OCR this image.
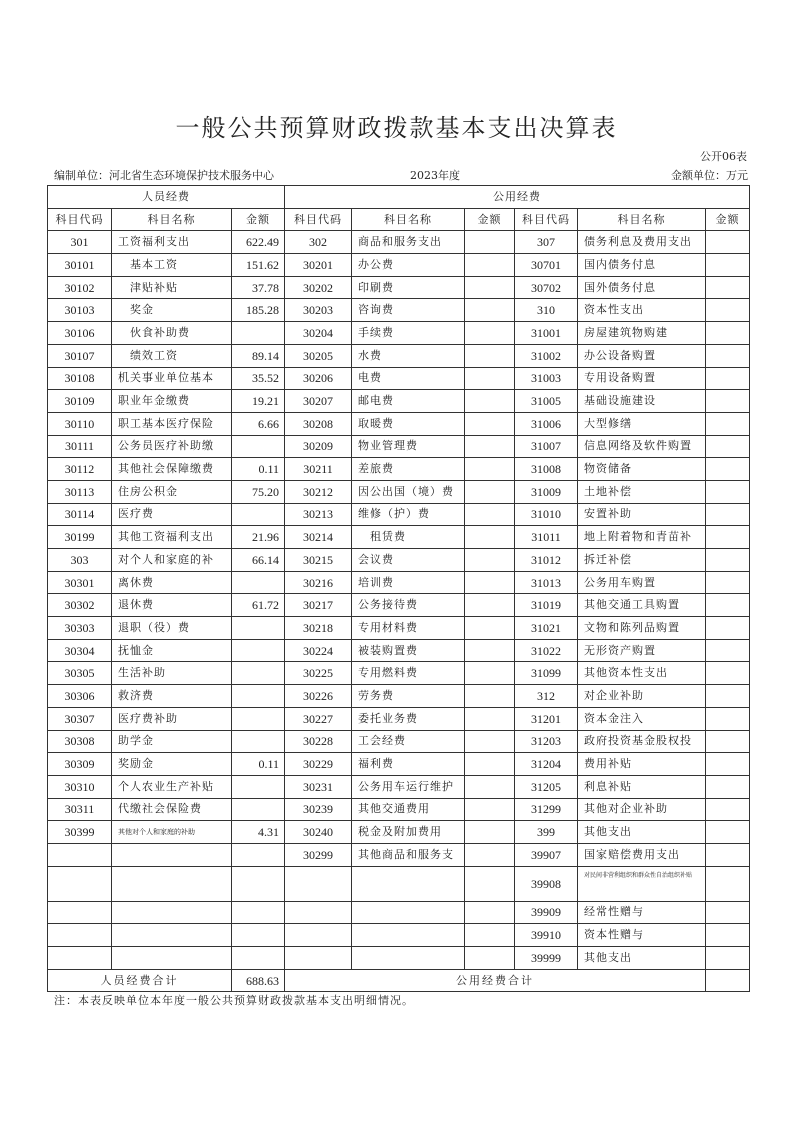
一般公共预算财政拨款基本支出决算表
公开06表
编制单位：河北省生态环境保护技术服务中心	2023年度	金额单位：万元
人员经费			公用经费					
科目代码	科目名称	金额	科目代码	科目名称	金额	科目代码	科目名称	金额
301	工资福利支出	622.49	302	商品和服务支出		307	债务利息及费用支出	
30101	基本工资	151.62	30201	办公费		30701	国内债务付息	
30102	津贴补贴	37.78	30202	印刷费		30702	国外债务付息	
30103	奖金	185.28	30203	咨询费		310	资本性支出	
30106	伙食补助费		30204	手续费		31001	房屋建筑物购建	
30107	绩效工资	89.14	30205	水费		31002	办公设备购置	
30108	机关事业单位基本	35.52	30206	电费		31003	专用设备购置	
30109	职业年金缴费	19.21	30207	邮电费		31005	基础设施建设	
30110	职工基本医疗保险	6.66	30208	取暖费		31006	大型修缮	
30111	公务员医疗补助缴		30209	物业管理费		31007	信息网络及软件购置	
30112	其他社会保障缴费	0.11	30211	差旅费		31008	物资储备	
30113	住房公积金	75.20	30212	因公出国（境）费		31009	土地补偿	
30114	医疗费		30213	维修（护）费		31010	安置补助	
30199	其他工资福利支出	21.96	30214	租赁费		31011	地上附着物和青苗补	
303	对个人和家庭的补	66.14	30215	会议费		31012	拆迁补偿	
30301	离休费		30216	培训费		31013	公务用车购置	
30302	退休费	61.72	30217	公务接待费		31019	其他交通工具购置	
30303	退职（役）费		30218	专用材料费		31021	文物和陈列品购置	
30304	抚恤金		30224	被装购置费		31022	无形资产购置	
30305	生活补助		30225	专用燃料费		31099	其他资本性支出	
30306	救济费		30226	劳务费		312	对企业补助	
30307	医疗费补助		30227	委托业务费		31201	资本金注入	
30308	助学金		30228	工会经费		31203	政府投资基金股权投	
30309	奖励金	0.11	30229	福利费		31204	费用补贴	
30310	个人农业生产补贴		30231	公务用车运行维护		31205	利息补贴	
30311	代缴社会保险费		30239	其他交通费用		31299	其他对企业补助	
30399	其他对个人和家庭的补助	4.31	30240	税金及附加费用		399	其他支出	
			30299	其他商品和服务支		39907	国家赔偿费用支出	
						39908	对民间非营利组织和群众性自治组织补贴	
						39909	经常性赠与	
						39910	资本性赠与	
						39999	其他支出	
人员经费合计		688.63	公用经费合计					
注：本表反映单位本年度一般公共预算财政拨款基本支出明细情况。
